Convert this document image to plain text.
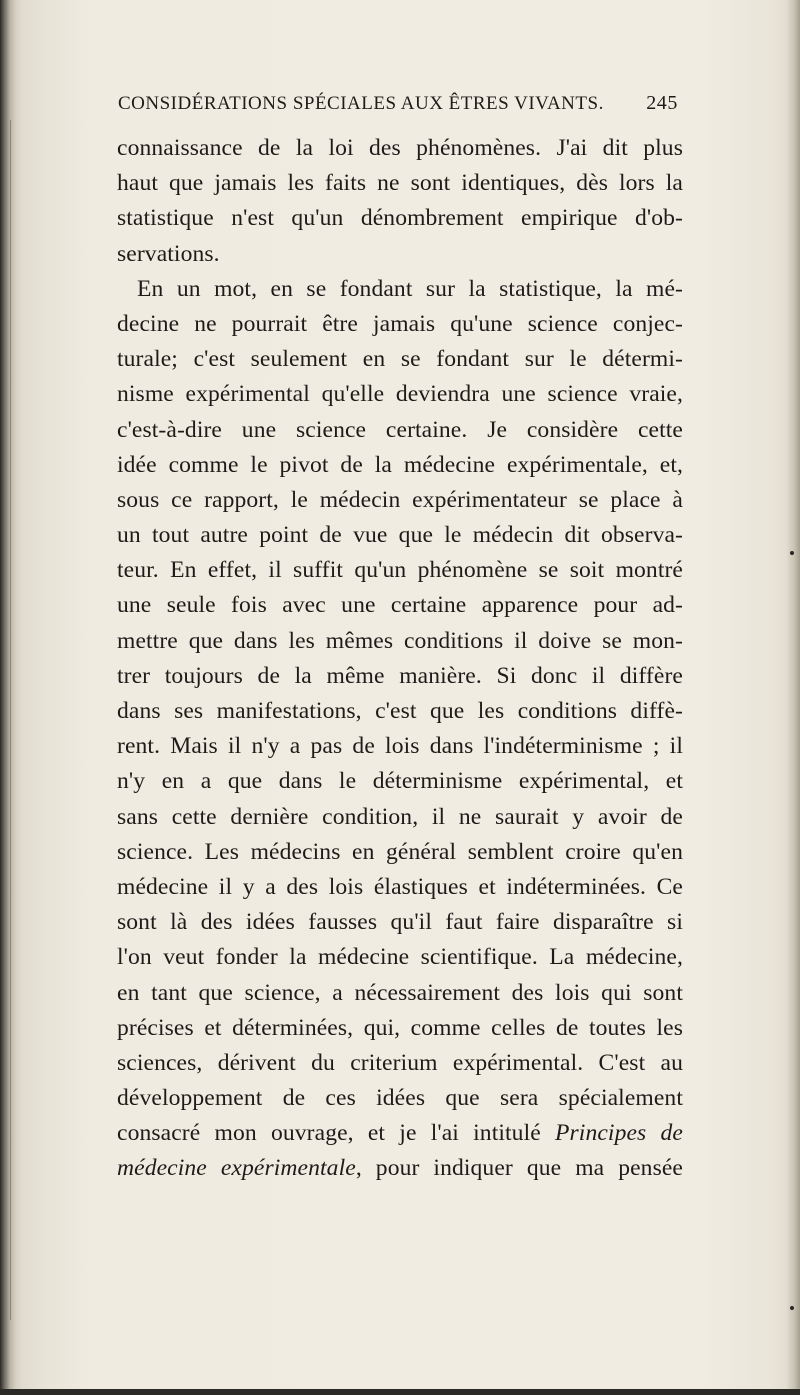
CONSIDÉRATIONS SPÉCIALES AUX ÊTRES VIVANTS. 245
connaissance de la loi des phénomènes. J'ai dit plus
haut que jamais les faits ne sont identiques, dès lors la
statistique n'est qu'un dénombrement empirique d'ob-
servations.
En un mot, en se fondant sur la statistique, la mé-
decine ne pourrait être jamais qu'une science conjec-
turale; c'est seulement en se fondant sur le détermi-
nisme expérimental qu'elle deviendra une science vraie,
c'est-à-dire une science certaine. Je considère cette
idée comme le pivot de la médecine expérimentale, et,
sous ce rapport, le médecin expérimentateur se place à
un tout autre point de vue que le médecin dit observa-
teur. En effet, il suffit qu'un phénomène se soit montré
une seule fois avec une certaine apparence pour ad-
mettre que dans les mêmes conditions il doive se mon-
trer toujours de la même manière. Si donc il diffère
dans ses manifestations, c'est que les conditions diffè-
rent. Mais il n'y a pas de lois dans l'indéterminisme ; il
n'y en a que dans le déterminisme expérimental, et
sans cette dernière condition, il ne saurait y avoir de
science. Les médecins en général semblent croire qu'en
médecine il y a des lois élastiques et indéterminées. Ce
sont là des idées fausses qu'il faut faire disparaître si
l'on veut fonder la médecine scientifique. La médecine,
en tant que science, a nécessairement des lois qui sont
précises et déterminées, qui, comme celles de toutes les
sciences, dérivent du criterium expérimental. C'est au
développement de ces idées que sera spécialement
consacré mon ouvrage, et je l'ai intitulé Principes de
médecine expérimentale, pour indiquer que ma pensée
